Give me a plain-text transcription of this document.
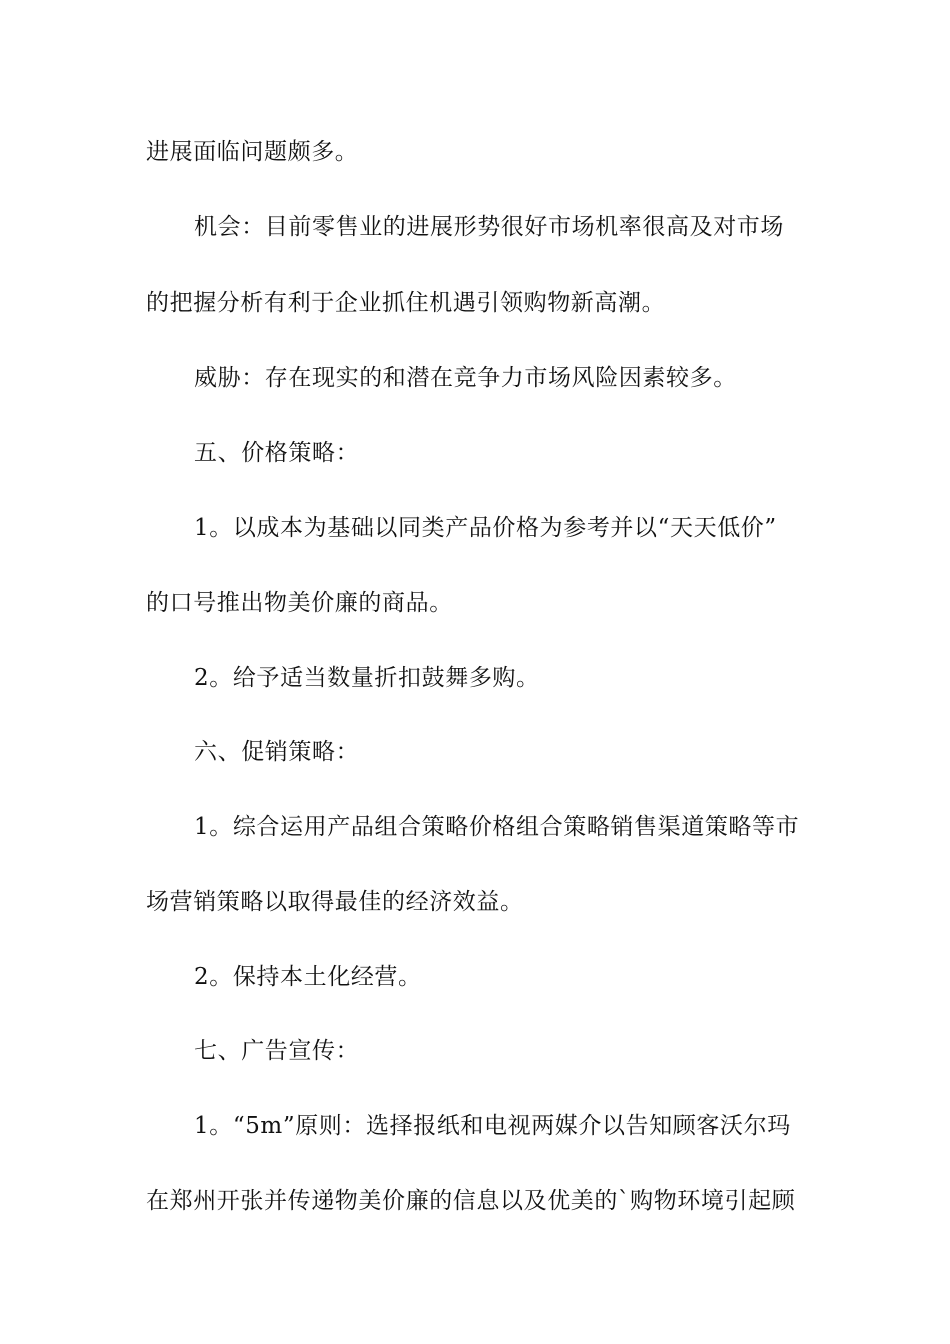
进展面临问题颇多。
机会：目前零售业的进展形势很好市场机率很高及对市场
的把握分析有利于企业抓住机遇引领购物新高潮。
威胁：存在现实的和潜在竞争力市场风险因素较多。
五、价格策略：
1。以成本为基础以同类产品价格为参考并以“天天低价”
的口号推出物美价廉的商品。
2。给予适当数量折扣鼓舞多购。
六、促销策略：
1。综合运用产品组合策略价格组合策略销售渠道策略等市
场营销策略以取得最佳的经济效益。
2。保持本土化经营。
七、广告宣传：
1。“5m”原则：选择报纸和电视两媒介以告知顾客沃尔玛
在郑州开张并传递物美价廉的信息以及优美的`购物环境引起顾
